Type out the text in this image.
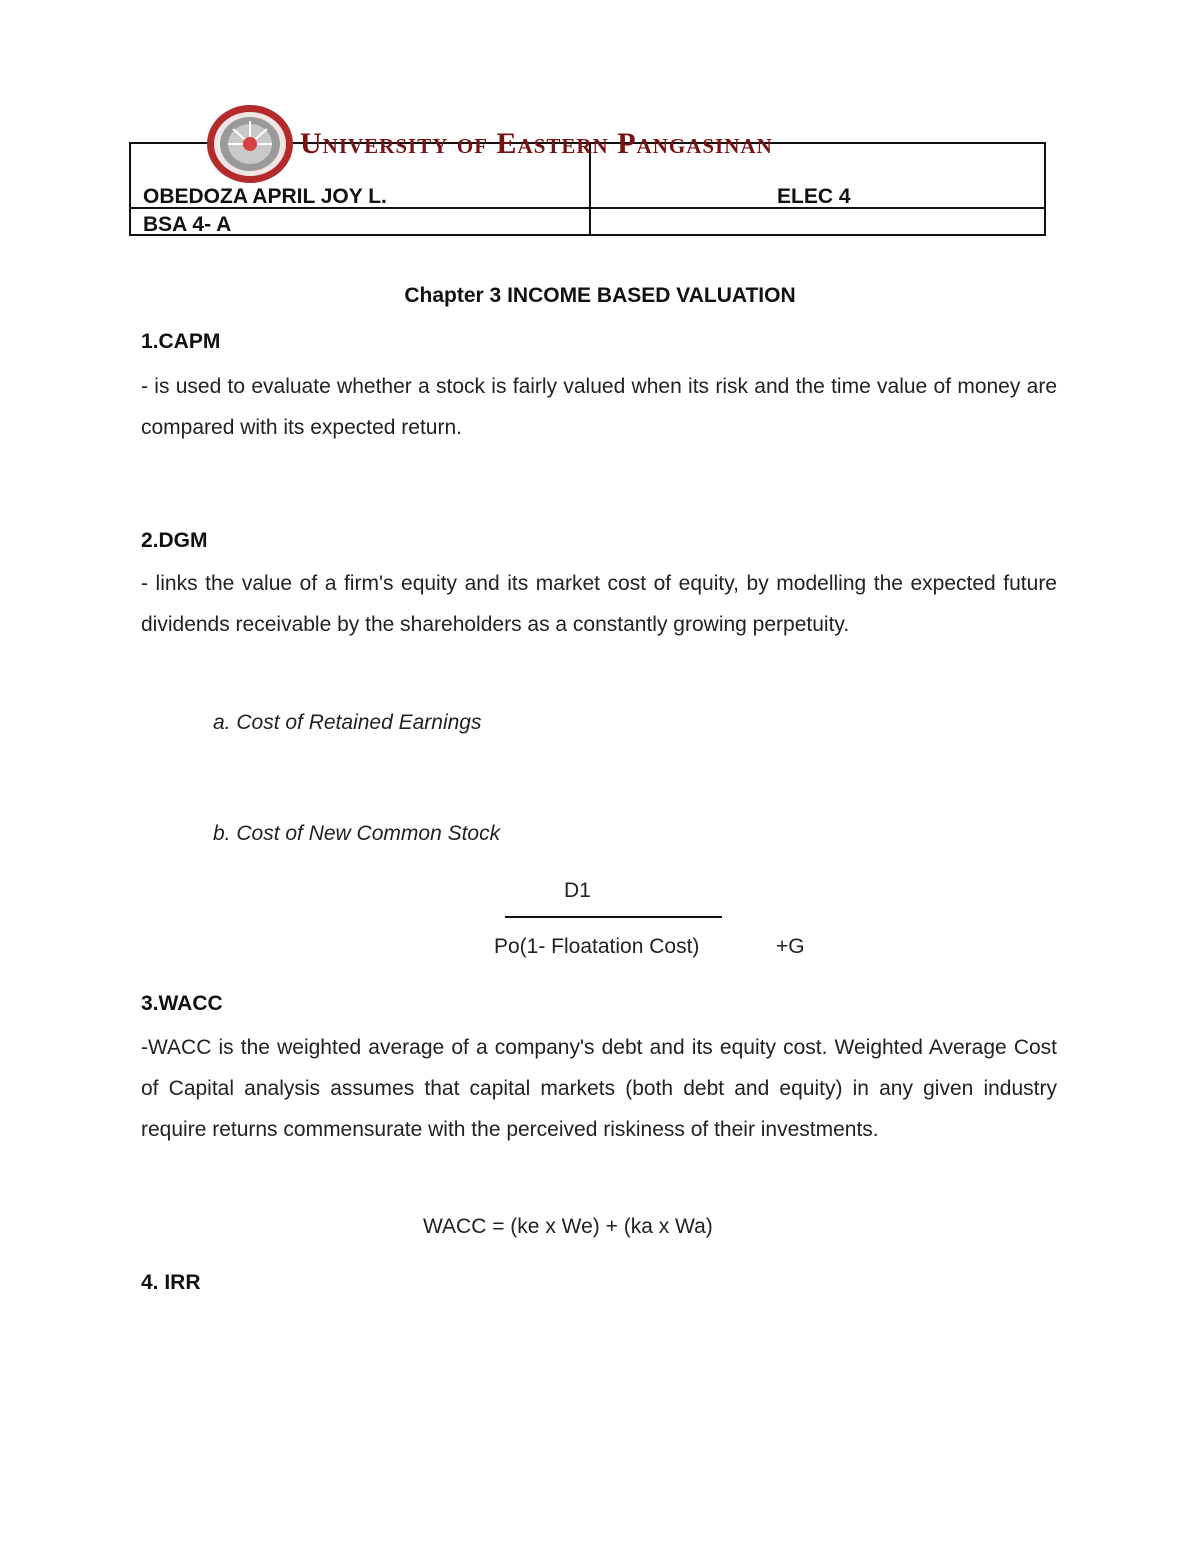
OBEDOZA APRIL JOY L.	ELEC 4
BSA 4- A
University of Eastern Pangasinan
Chapter 3 INCOME BASED VALUATION
1.CAPM
- is used to evaluate whether a stock is fairly valued when its risk and the time value of money are compared with its expected return.
2.DGM
- links the value of a firm's equity and its market cost of equity, by modelling the expected future dividends receivable by the shareholders as a constantly growing perpetuity.
a. Cost of Retained Earnings
b. Cost of New Common Stock
D1
Po(1- Floatation Cost)	+G
3.WACC
-WACC is the weighted average of a company's debt and its equity cost. Weighted Average Cost of Capital analysis assumes that capital markets (both debt and equity) in any given industry require returns commensurate with the perceived riskiness of their investments.
WACC = (ke x We) + (ka x Wa)
4. IRR
